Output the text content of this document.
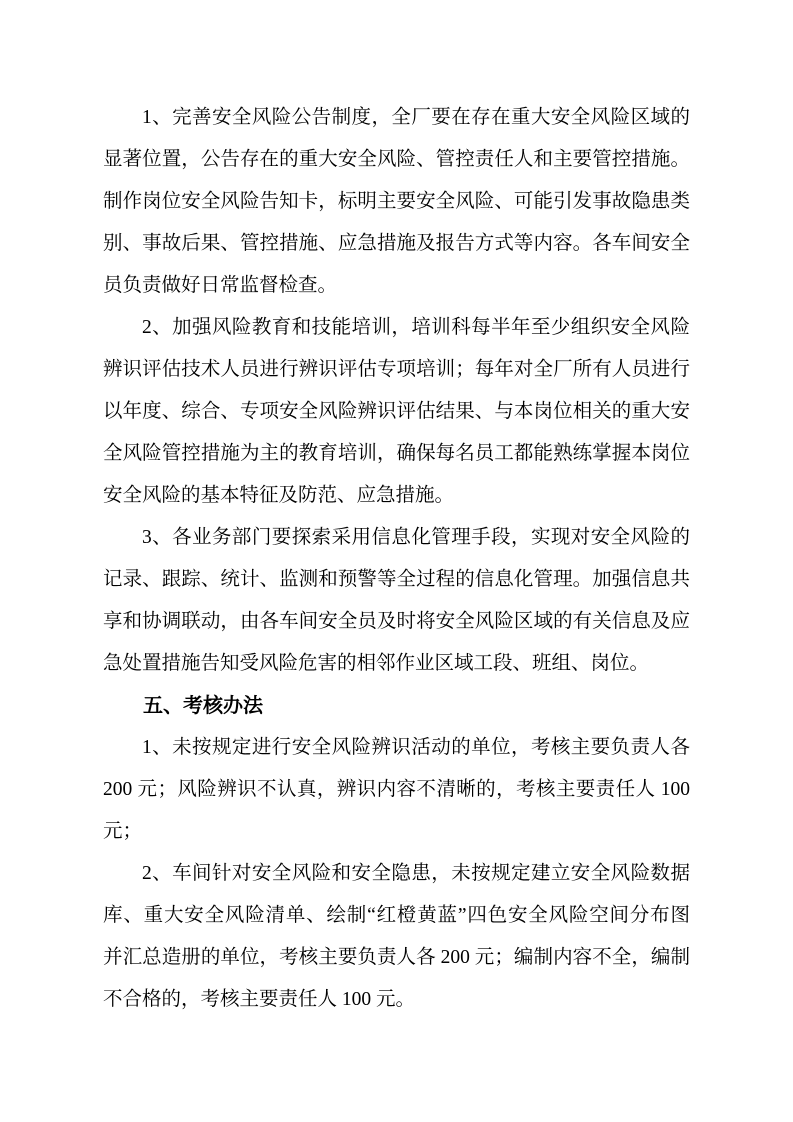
1、完善安全风险公告制度，全厂要在存在重大安全风险区域的
显著位置，公告存在的重大安全风险、管控责任人和主要管控措施。
制作岗位安全风险告知卡，标明主要安全风险、可能引发事故隐患类
别、事故后果、管控措施、应急措施及报告方式等内容。各车间安全
员负责做好日常监督检查。

2、加强风险教育和技能培训，培训科每半年至少组织安全风险
辨识评估技术人员进行辨识评估专项培训；每年对全厂所有人员进行
以年度、综合、专项安全风险辨识评估结果、与本岗位相关的重大安
全风险管控措施为主的教育培训，确保每名员工都能熟练掌握本岗位
安全风险的基本特征及防范、应急措施。

3、各业务部门要探索采用信息化管理手段，实现对安全风险的
记录、跟踪、统计、监测和预警等全过程的信息化管理。加强信息共
享和协调联动，由各车间安全员及时将安全风险区域的有关信息及应
急处置措施告知受风险危害的相邻作业区域工段、班组、岗位。

五、考核办法

1、未按规定进行安全风险辨识活动的单位，考核主要负责人各
200 元；风险辨识不认真，辨识内容不清晰的，考核主要责任人 100
元；

2、车间针对安全风险和安全隐患，未按规定建立安全风险数据
库、重大安全风险清单、绘制“红橙黄蓝”四色安全风险空间分布图
并汇总造册的单位，考核主要负责人各 200 元；编制内容不全，编制
不合格的，考核主要责任人 100 元。
